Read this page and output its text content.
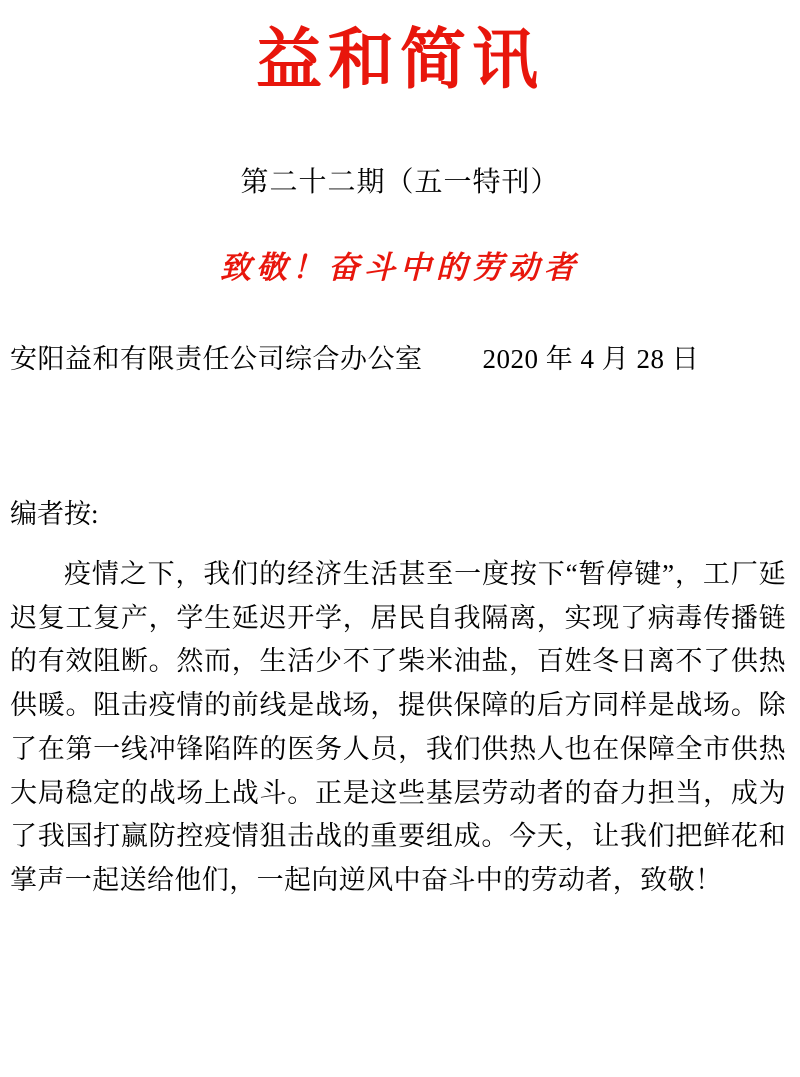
益和简讯
第二十二期（五一特刊）
致敬！奋斗中的劳动者
安阳益和有限责任公司综合办公室 2020 年 4 月 28 日
编者按:
疫情之下，我们的经济生活甚至一度按下“暂停键”，工厂延迟复工复产，学生延迟开学，居民自我隔离，实现了病毒传播链的有效阻断。然而，生活少不了柴米油盐，百姓冬日离不了供热供暖。阻击疫情的前线是战场，提供保障的后方同样是战场。除了在第一线冲锋陷阵的医务人员，我们供热人也在保障全市供热大局稳定的战场上战斗。正是这些基层劳动者的奋力担当，成为了我国打赢防控疫情狙击战的重要组成。今天，让我们把鲜花和掌声一起送给他们，一起向逆风中奋斗中的劳动者，致敬！
